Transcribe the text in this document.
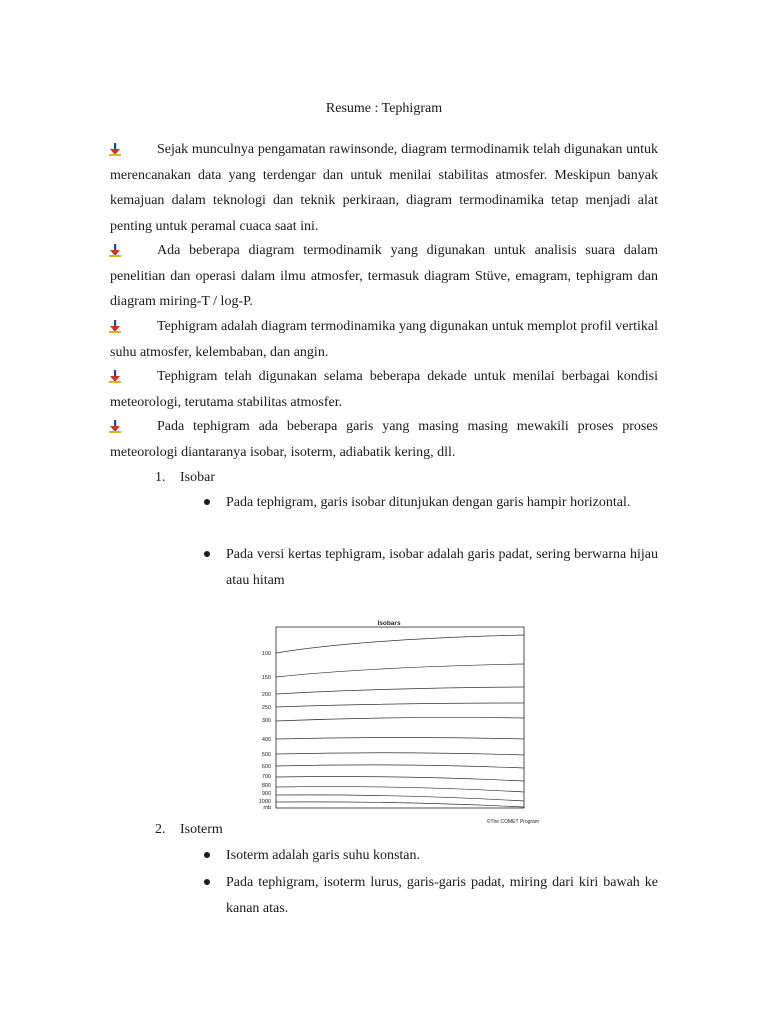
Resume : Tephigram
Sejak munculnya pengamatan rawinsonde, diagram termodinamik telah digunakan untuk merencanakan data yang terdengar dan untuk menilai stabilitas atmosfer. Meskipun banyak kemajuan dalam teknologi dan teknik perkiraan, diagram termodinamika tetap menjadi alat penting untuk peramal cuaca saat ini.
Ada beberapa diagram termodinamik yang digunakan untuk analisis suara dalam penelitian dan operasi dalam ilmu atmosfer, termasuk diagram Stüve, emagram, tephigram dan diagram miring-T / log-P.
Tephigram adalah diagram termodinamika yang digunakan untuk memplot profil vertikal suhu atmosfer, kelembaban, dan angin.
Tephigram telah digunakan selama beberapa dekade untuk menilai berbagai kondisi meteorologi, terutama stabilitas atmosfer.
Pada tephigram ada beberapa garis yang masing masing mewakili proses proses meteorologi diantaranya isobar, isoterm, adiabatik kering, dll.
1. Isobar
Pada tephigram, garis isobar ditunjukan dengan garis hampir horizontal.
Pada versi kertas tephigram, isobar adalah garis padat, sering berwarna hijau atau hitam
Isobars
100
150
200
250
300
400
500
600
700
800
900
1000
mb
©The COMET Program
2. Isoterm
Isoterm adalah garis suhu konstan.
Pada tephigram, isoterm lurus, garis-garis padat, miring dari kiri bawah ke kanan atas.
